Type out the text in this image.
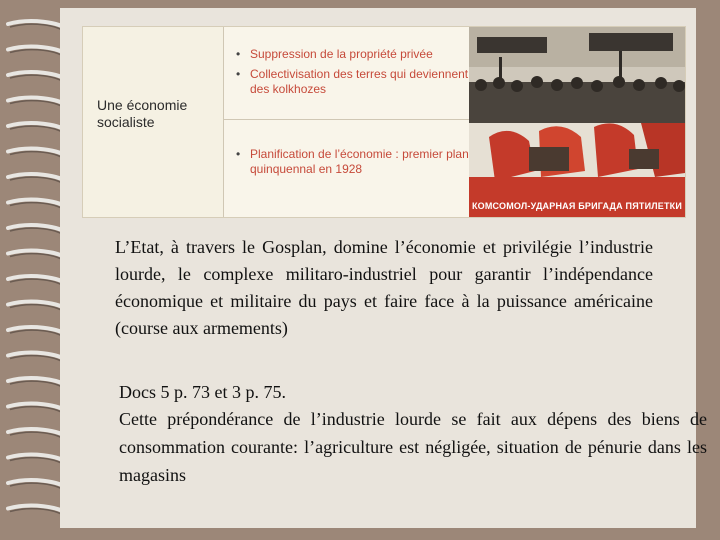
Une économie
socialiste
• Suppression de la propriété privée
• Collectivisation des terres qui deviennent des kolkhozes
• Planification de l’économie : premier plan quinquennal en 1928
КОМСОМОЛ-УДАРНАЯ БРИГАДА ПЯТИЛЕТКИ

L’Etat, à travers le Gosplan, domine l’économie et privilégie l’industrie lourde, le complexe militaro-industriel pour garantir l’indépendance économique et militaire du pays et faire face à la puissance américaine (course aux armements)

Docs 5 p. 73 et 3 p. 75.

Cette prépondérance de l’industrie lourde se fait aux dépens des biens de consommation courante: l’agriculture est négligée, situation de pénurie dans les magasins
